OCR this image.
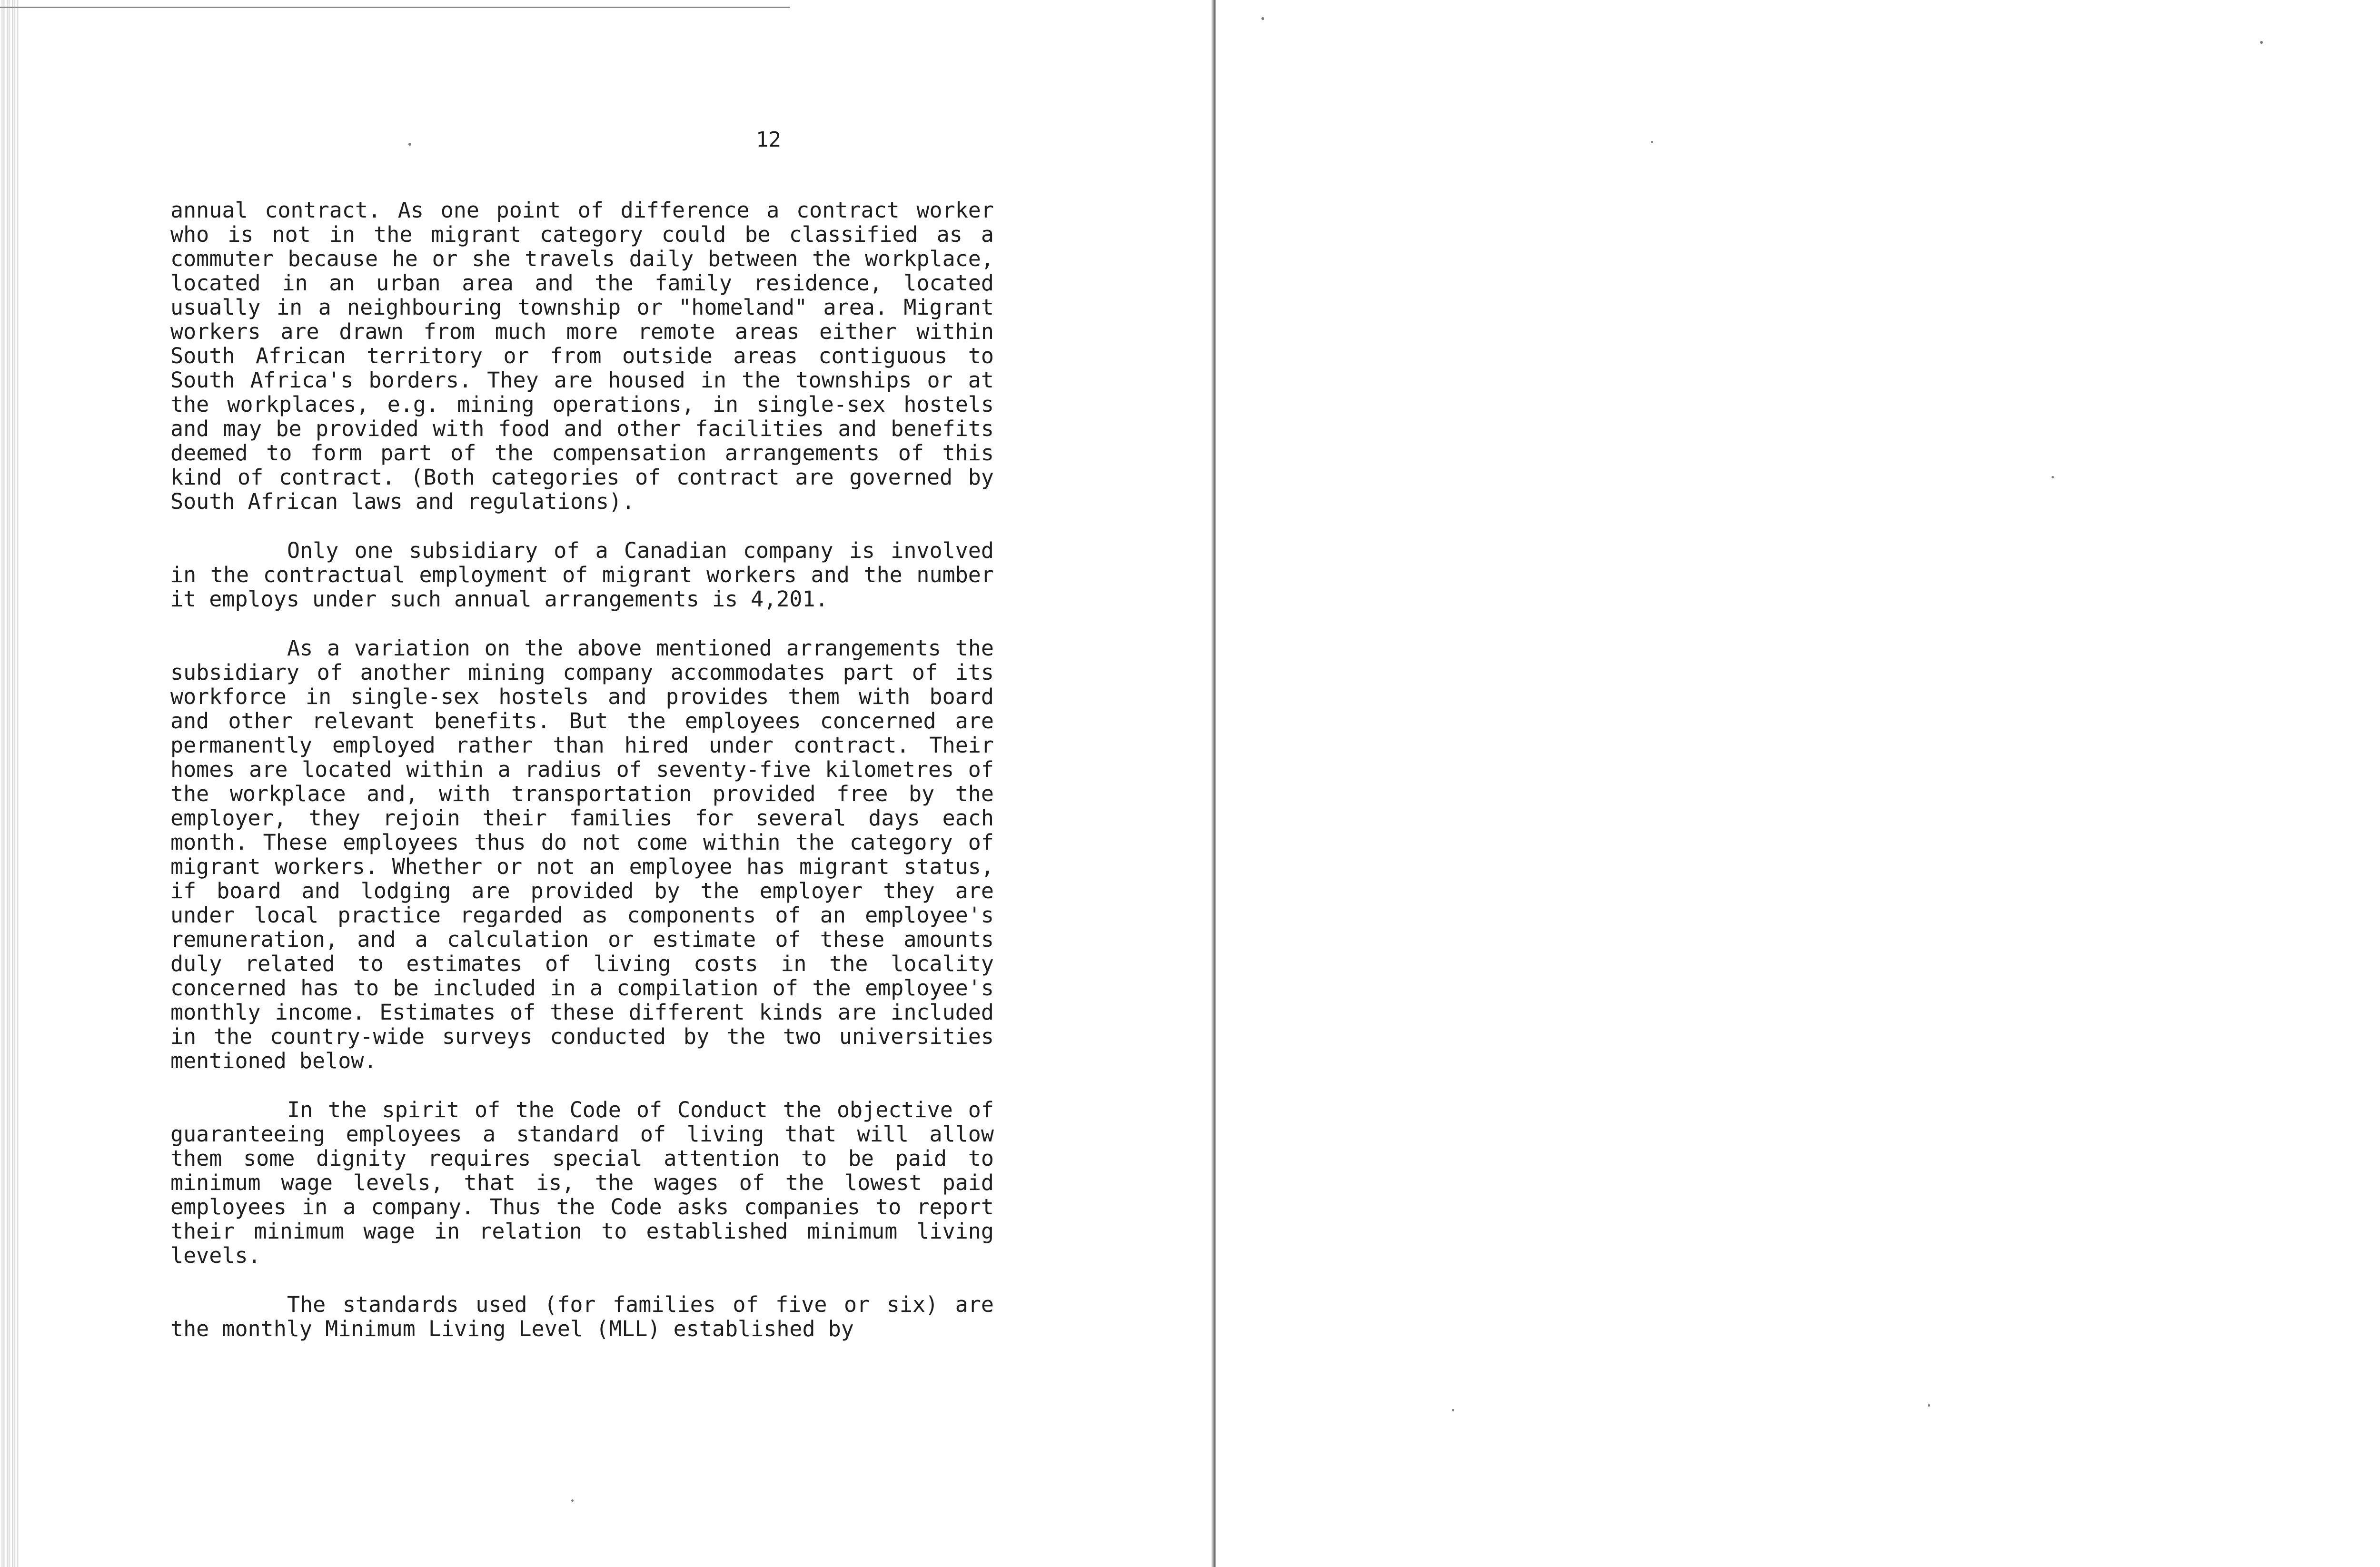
12

annual contract. As one point of difference a contract worker who is not in the migrant category could be classified as a commuter because he or she travels daily between the workplace, located in an urban area and the family residence, located usually in a neighbouring township or "homeland" area. Migrant workers are drawn from much more remote areas either within South African territory or from outside areas contiguous to South Africa's borders. They are housed in the townships or at the workplaces, e.g. mining operations, in single-sex hostels and may be provided with food and other facilities and benefits deemed to form part of the compensation arrangements of this kind of contract. (Both categories of contract are governed by South African laws and regulations).

Only one subsidiary of a Canadian company is involved in the contractual employment of migrant workers and the number it employs under such annual arrangements is 4,201.

As a variation on the above mentioned arrangements the subsidiary of another mining company accommodates part of its workforce in single-sex hostels and provides them with board and other relevant benefits. But the employees concerned are permanently employed rather than hired under contract. Their homes are located within a radius of seventy-five kilometres of the workplace and, with transportation provided free by the employer, they rejoin their families for several days each month. These employees thus do not come within the category of migrant workers. Whether or not an employee has migrant status, if board and lodging are provided by the employer they are under local practice regarded as components of an employee's remuneration, and a calculation or estimate of these amounts duly related to estimates of living costs in the locality concerned has to be included in a compilation of the employee's monthly income. Estimates of these different kinds are included in the country-wide surveys conducted by the two universities mentioned below.

In the spirit of the Code of Conduct the objective of guaranteeing employees a standard of living that will allow them some dignity requires special attention to be paid to minimum wage levels, that is, the wages of the lowest paid employees in a company. Thus the Code asks companies to report their minimum wage in relation to established minimum living levels.

The standards used (for families of five or six) are the monthly Minimum Living Level (MLL) established by
